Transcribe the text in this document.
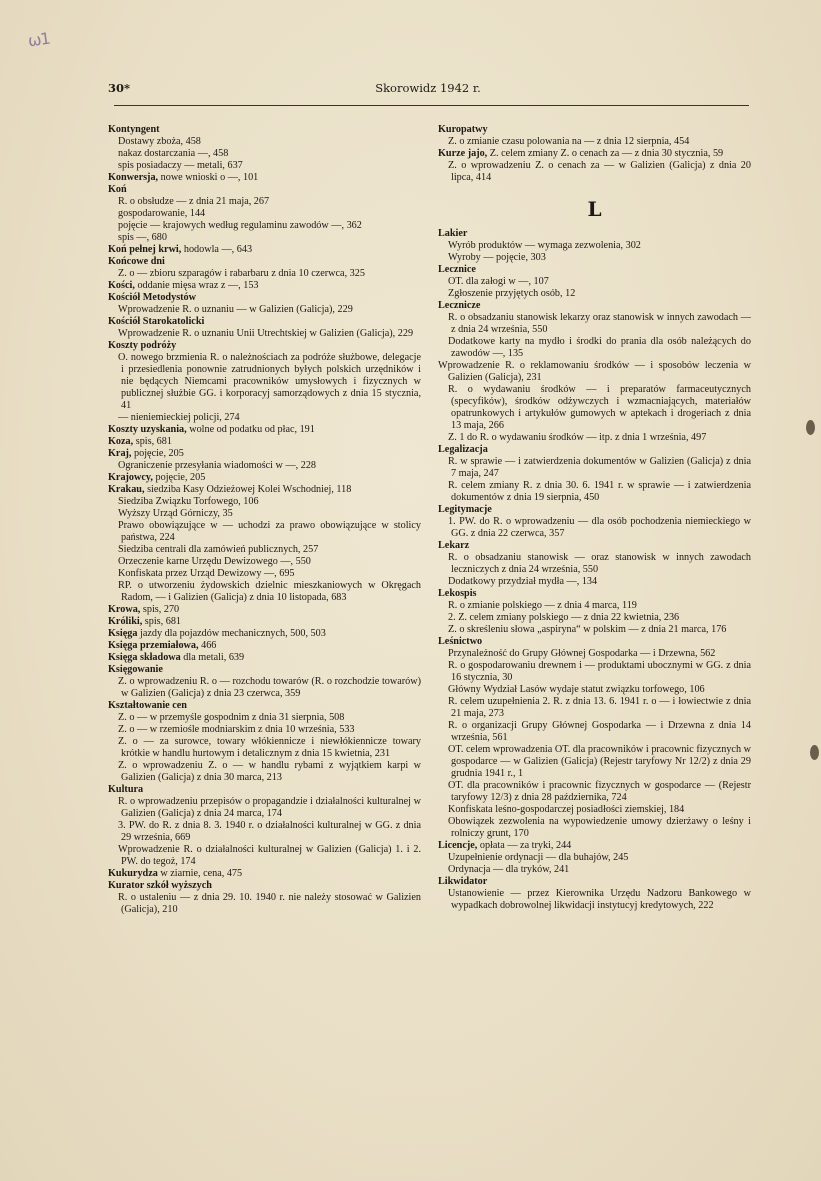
ω1
30*	Skorowidz 1942 r.
Kontyngent
Dostawy zboża, 458
nakaz dostarczania —, 458
spis posiadaczy — metali, 637
Konwersja, nowe wnioski o —, 101
Koń
R. o obsłudze — z dnia 21 maja, 267
gospodarowanie, 144
pojęcie — krajowych według regulaminu zawodów —, 362
spis —, 680
Koń pełnej krwi, hodowla —, 643
Końcowe dni
Z. o — zbioru szparagów i rabarbaru z dnia 10 czerwca, 325
Kości, oddanie mięsa wraz z —, 153
Kościół Metodystów
Wprowadzenie R. o uznaniu — w Galizien (Galicja), 229
Kościół Starokatolicki
Wprowadzenie R. o uznaniu Unii Utrechtskiej w Galizien (Galicja), 229
Koszty podróży
O. nowego brzmienia R. o należnościach za podróże służbowe, delegacje i przesiedlenia ponownie zatrudnionych byłych polskich urzędników i nie będących Niemcami pracowników umysłowych i fizycznych w publicznej służbie GG. i korporacyj samorządowych z dnia 15 stycznia, 41
— nieniemieckiej policji, 274
Koszty uzyskania, wolne od podatku od płac, 191
Koza, spis, 681
Kraj, pojęcie, 205
Ograniczenie przesyłania wiadomości w —, 228
Krajowcy, pojęcie, 205
Krakau, siedziba Kasy Odzieżowej Kolei Wschodniej, 118
Siedziba Związku Torfowego, 106
Wyższy Urząd Górniczy, 35
Prawo obowiązujące w — uchodzi za prawo obowiązujące w stolicy państwa, 224
Siedziba centrali dla zamówień publicznych, 257
Orzeczenie karne Urzędu Dewizowego —, 550
Konfiskata przez Urząd Dewizowy —, 695
RP. o utworzeniu żydowskich dzielnic mieszkaniowych w Okręgach Radom, — i Galizien (Galicja) z dnia 10 listopada, 683
Krowa, spis, 270
Króliki, spis, 681
Księga jazdy dla pojazdów mechanicznych, 500, 503
Księga przemiałowa, 466
Księga składowa dla metali, 639
Księgowanie
Z. o wprowadzeniu R. o — rozchodu towarów (R. o rozchodzie towarów) w Galizien (Galicja) z dnia 23 czerwca, 359
Kształtowanie cen
Z. o — w przemyśle gospodnim z dnia 31 sierpnia, 508
Z. o — w rzemiośle modniarskim z dnia 10 września, 533
Z. o — za surowce, towary włókiennicze i niewłókiennicze towary krótkie w handlu hurtowym i detalicznym z dnia 15 kwietnia, 231
Z. o wprowadzeniu Z. o — w handlu rybami z wyjątkiem karpi w Galizien (Galicja) z dnia 30 marca, 213
Kultura
R. o wprowadzeniu przepisów o propagandzie i działalności kulturalnej w Galizien (Galicja) z dnia 24 marca, 174
3. PW. do R. z dnia 8. 3. 1940 r. o działalności kulturalnej w GG. z dnia 29 września, 669
Wprowadzenie R. o działalności kulturalnej w Galizien (Galicja) 1. i 2. PW. do tegoż, 174
Kukurydza w ziarnie, cena, 475
Kurator szkół wyższych
R. o ustaleniu — z dnia 29. 10. 1940 r. nie należy stosować w Galizien (Galicja), 210
Kuropatwy
Z. o zmianie czasu polowania na — z dnia 12 sierpnia, 454
Kurze jajo, Z. celem zmiany Z. o cenach za — z dnia 30 stycznia, 59
Z. o wprowadzeniu Z. o cenach za — w Galizien (Galicja) z dnia 20 lipca, 414
L
Lakier
Wyrób produktów — wymaga zezwolenia, 302
Wyroby — pojęcie, 303
Lecznice
OT. dla załogi w —, 107
Zgłoszenie przyjętych osób, 12
Leczniczе
R. o obsadzaniu stanowisk lekarzy oraz stanowisk w innych zawodach — z dnia 24 września, 550
Dodatkowe karty na mydło i środki do prania dla osób należących do zawodów —, 135
Wprowadzenie R. o reklamowaniu środków — i sposobów leczenia w Galizien (Galicja), 231
R. o wydawaniu środków — i preparatów farmaceutycznych (specyfików), środków odżywczych i wzmacniających, materiałów opatrunkowych i artykułów gumowych w aptekach i drogeriach z dnia 13 maja, 266
Z. 1 do R. o wydawaniu środków — itp. z dnia 1 września, 497
Legalizacja
R. w sprawie — i zatwierdzenia dokumentów w Galizien (Galicja) z dnia 7 maja, 247
R. celem zmiany R. z dnia 30. 6. 1941 r. w sprawie — i zatwierdzenia dokumentów z dnia 19 sierpnia, 450
Legitymacje
1. PW. do R. o wprowadzeniu — dla osób pochodzenia niemieckiego w GG. z dnia 22 czerwca, 357
Lekarz
R. o obsadzaniu stanowisk — oraz stanowisk w innych zawodach leczniczych z dnia 24 września, 550
Dodatkowy przydział mydła —, 134
Lekospis
R. o zmianie polskiego — z dnia 4 marca, 119
2. Z. celem zmiany polskiego — z dnia 22 kwietnia, 236
Z. o skreśleniu słowa „aspiryna“ w polskim — z dnia 21 marca, 176
Leśnictwo
Przynależność do Grupy Głównej Gospodarka — i Drzewna, 562
R. o gospodarowaniu drewnem i — produktami ubocznymi w GG. z dnia 16 stycznia, 30
Główny Wydział Lasów wydaje statut związku torfowego, 106
R. celem uzupełnienia 2. R. z dnia 13. 6. 1941 r. o — i łowiectwie z dnia 21 maja, 273
R. o organizacji Grupy Głównej Gospodarka — i Drzewna z dnia 14 września, 561
OT. celem wprowadzenia OT. dla pracowników i pracownic fizycznych w gospodarce — w Galizien (Galicja) (Rejestr taryfowy Nr 12/2) z dnia 29 grudnia 1941 r., 1
OT. dla pracowników i pracownic fizycznych w gospodarce — (Rejestr taryfowy 12/3) z dnia 28 października, 724
Konfiskata leśno-gospodarczej posiadłości ziemskiej, 184
Obowiązek zezwolenia na wypowiedzenie umowy dzierżawy o leśny i rolniczy grunt, 170
Licencje, opłata — za tryki, 244
Uzupełnienie ordynacji — dla buhajów, 245
Ordynacja — dla tryków, 241
Likwidator
Ustanowienie — przez Kierownika Urzędu Nadzoru Bankowego w wypadkach dobrowolnej likwidacji instytucyj kredytowych, 222
